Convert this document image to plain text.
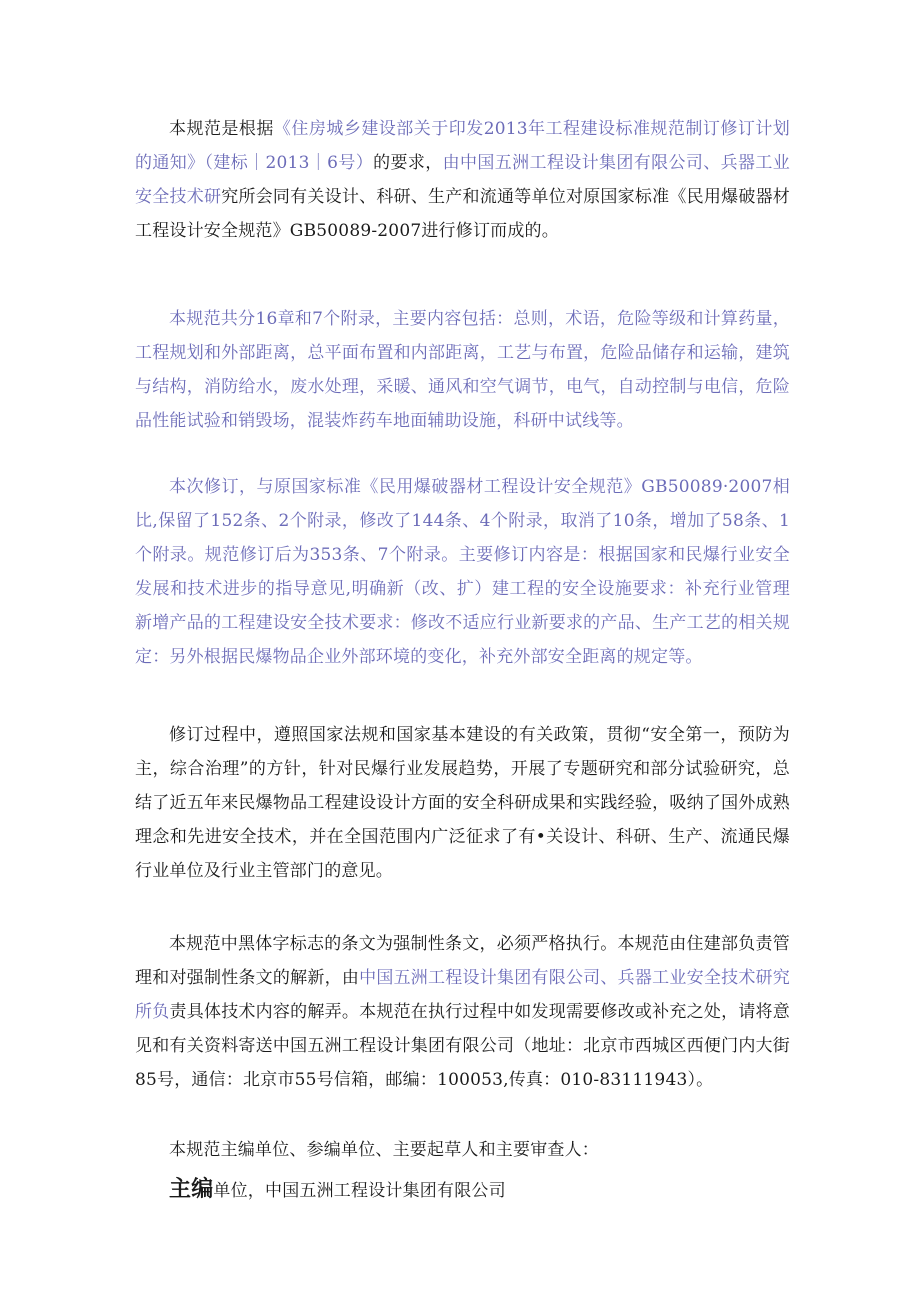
本规范是根据《住房城乡建设部关于印发2013年工程建设标准规范制订修订计划的通知》（建标｜2013｜6号）的要求，由中国五洲工程设计集团有限公司、兵器工业安全技术研究所会同有关设计、科研、生产和流通等单位对原国家标准《民用爆破器材工程设计安全规范》GB50089-2007进行修订而成的。

本规范共分16章和7个附录，主要内容包括：总则，术语，危险等级和计算药量，工程规划和外部距离，总平面布置和内部距离，工艺与布置，危险品储存和运输，建筑与结构，消防给水，废水处理，采暖、通风和空气调节，电气，自动控制与电信，危险品性能试验和销毁场，混装炸药车地面辅助设施，科研中试线等。

本次修订，与原国家标准《民用爆破器材工程设计安全规范》GB50089·2007相比,保留了152条、2个附录，修改了144条、4个附录，取消了10条，增加了58条、1个附录。规范修订后为353条、7个附录。主要修订内容是：根据国家和民爆行业安全发展和技术进步的指导意见,明确新（改、扩）建工程的安全设施要求：补充行业管理新增产品的工程建设安全技术要求：修改不适应行业新要求的产品、生产工艺的相关规定：另外根据民爆物品企业外部环境的变化，补充外部安全距离的规定等。

修订过程中，遵照国家法规和国家基本建设的有关政策，贯彻“安全第一，预防为主，综合治理”的方针，针对民爆行业发展趋势，开展了专题研究和部分试验研究，总结了近五年来民爆物品工程建设设计方面的安全科研成果和实践经验，吸纳了国外成熟理念和先进安全技术，并在全国范围内广泛征求了有•关设计、科研、生产、流通民爆行业单位及行业主管部门的意见。

本规范中黑体字标志的条文为强制性条文，必须严格执行。本规范由住建部负责管理和对强制性条文的解新，由中国五洲工程设计集团有限公司、兵器工业安全技术研究所负责具体技术内容的解弄。本规范在执行过程中如发现需要修改或补充之处，请将意见和有关资料寄送中国五洲工程设计集团有限公司（地址：北京市西城区西便门内大街85号，通信：北京市55号信箱，邮编：100053,传真：010-83111943）。

本规范主编单位、参编单位、主要起草人和主要审查人：

主编单位，中国五洲工程设计集团有限公司
